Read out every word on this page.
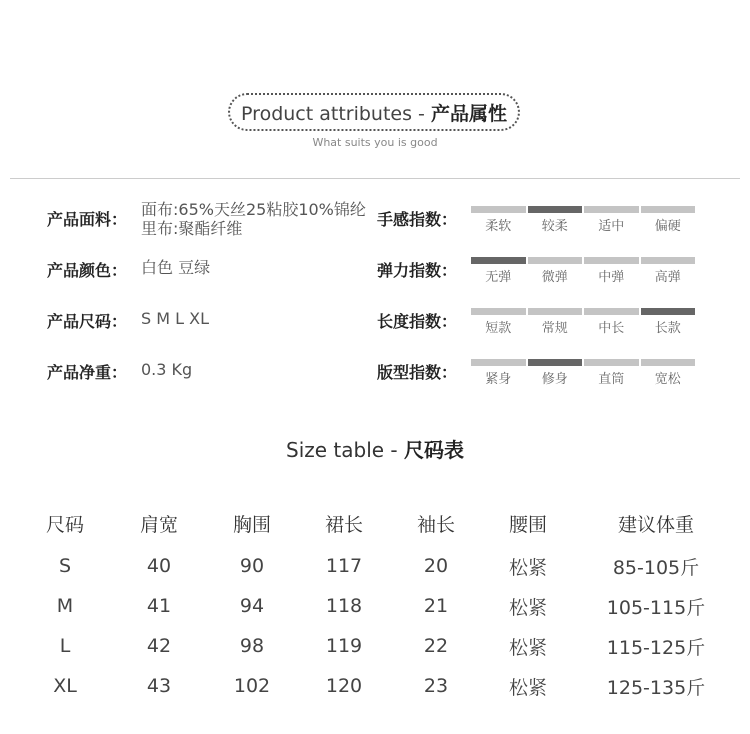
Product attributes - 产品属性
What suits you is good
产品面料：
面布:65%天丝25粘胶10%锦纶
里布:聚酯纤维
产品颜色： 白色 豆绿
产品尺码： S M L XL
产品净重： 0.3 Kg
手感指数：	柔软	较柔	适中	偏硬
弹力指数：	无弹	微弹	中弹	高弹
长度指数：	短款	常规	中长	长款
版型指数：	紧身	修身	直筒	宽松
Size table - 尺码表
尺码	肩宽	胸围	裙长	袖长	腰围	建议体重
S	40	90	117	20	松紧	85-105斤
M	41	94	118	21	松紧	105-115斤
L	42	98	119	22	松紧	115-125斤
XL	43	102	120	23	松紧	125-135斤
